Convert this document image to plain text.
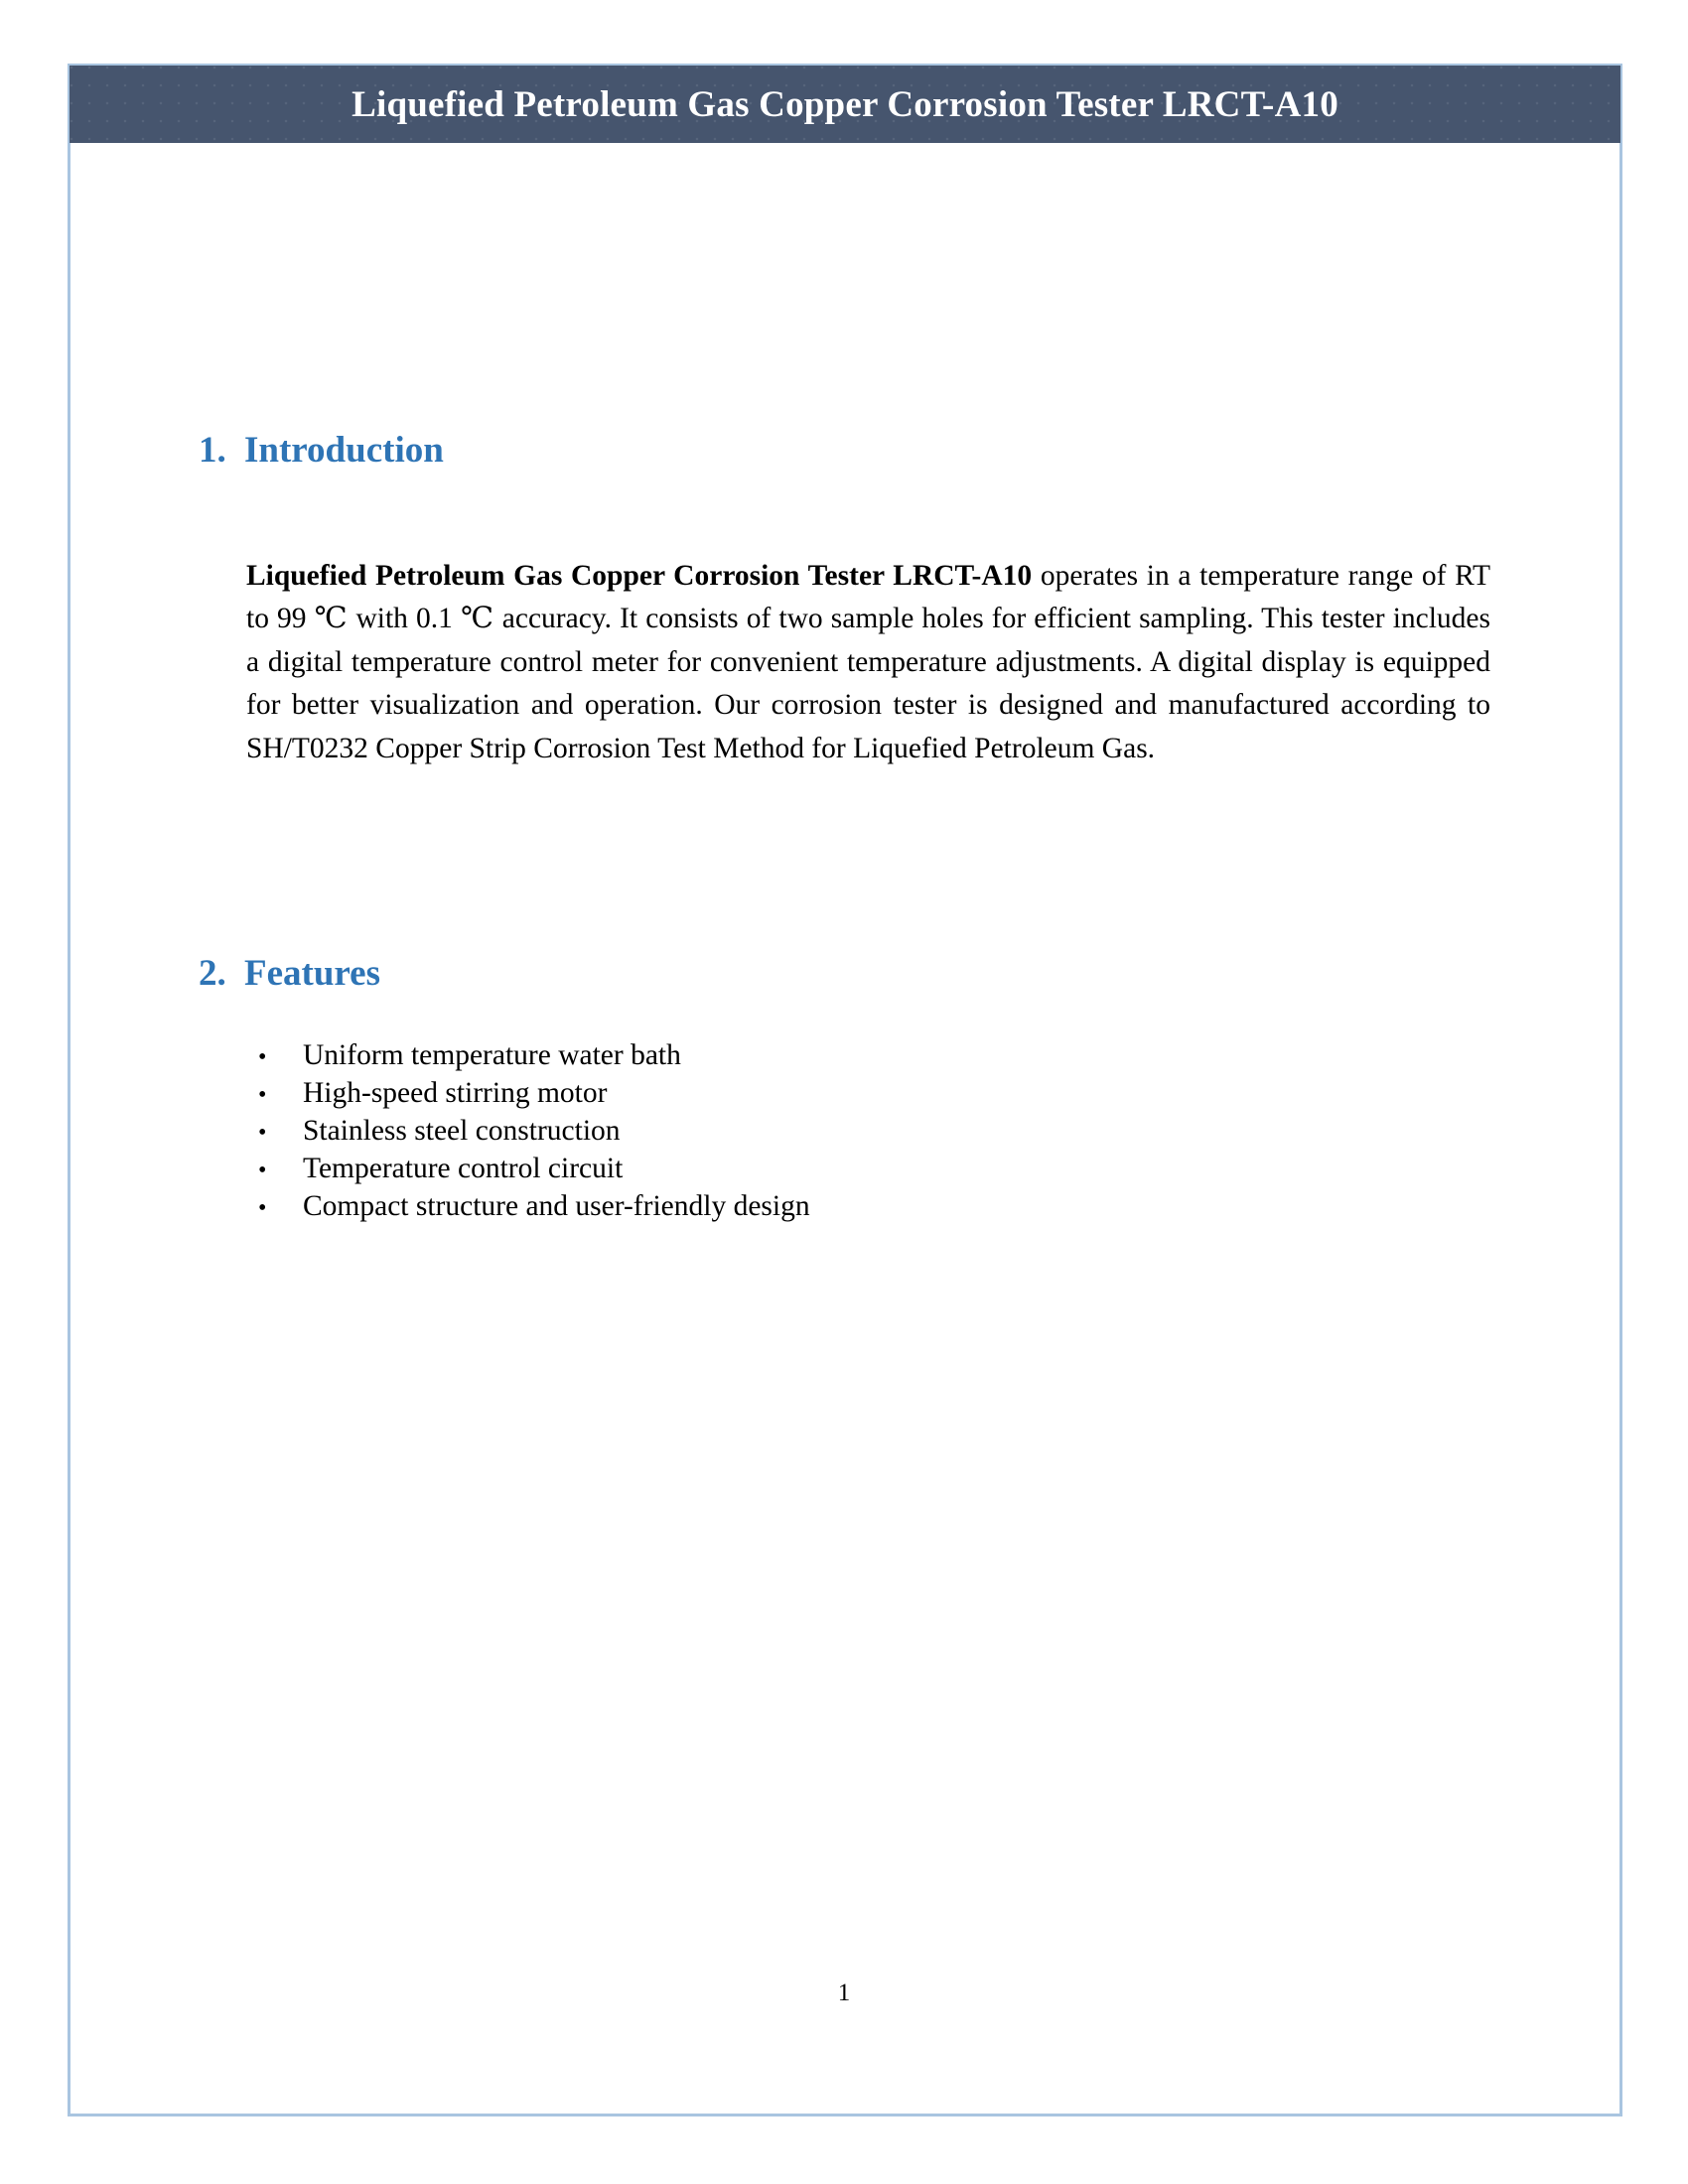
Liquefied Petroleum Gas Copper Corrosion Tester LRCT-A10
1. Introduction

Liquefied Petroleum Gas Copper Corrosion Tester LRCT-A10 operates in a temperature range of RT to 99 ℃ with 0.1 ℃ accuracy. It consists of two sample holes for efficient sampling. This tester includes a digital temperature control meter for convenient temperature adjustments. A digital display is equipped for better visualization and operation. Our corrosion tester is designed and manufactured according to SH/T0232 Copper Strip Corrosion Test Method for Liquefied Petroleum Gas.

2. Features
•	Uniform temperature water bath
•	High-speed stirring motor
•	Stainless steel construction
•	Temperature control circuit
•	Compact structure and user-friendly design
1
